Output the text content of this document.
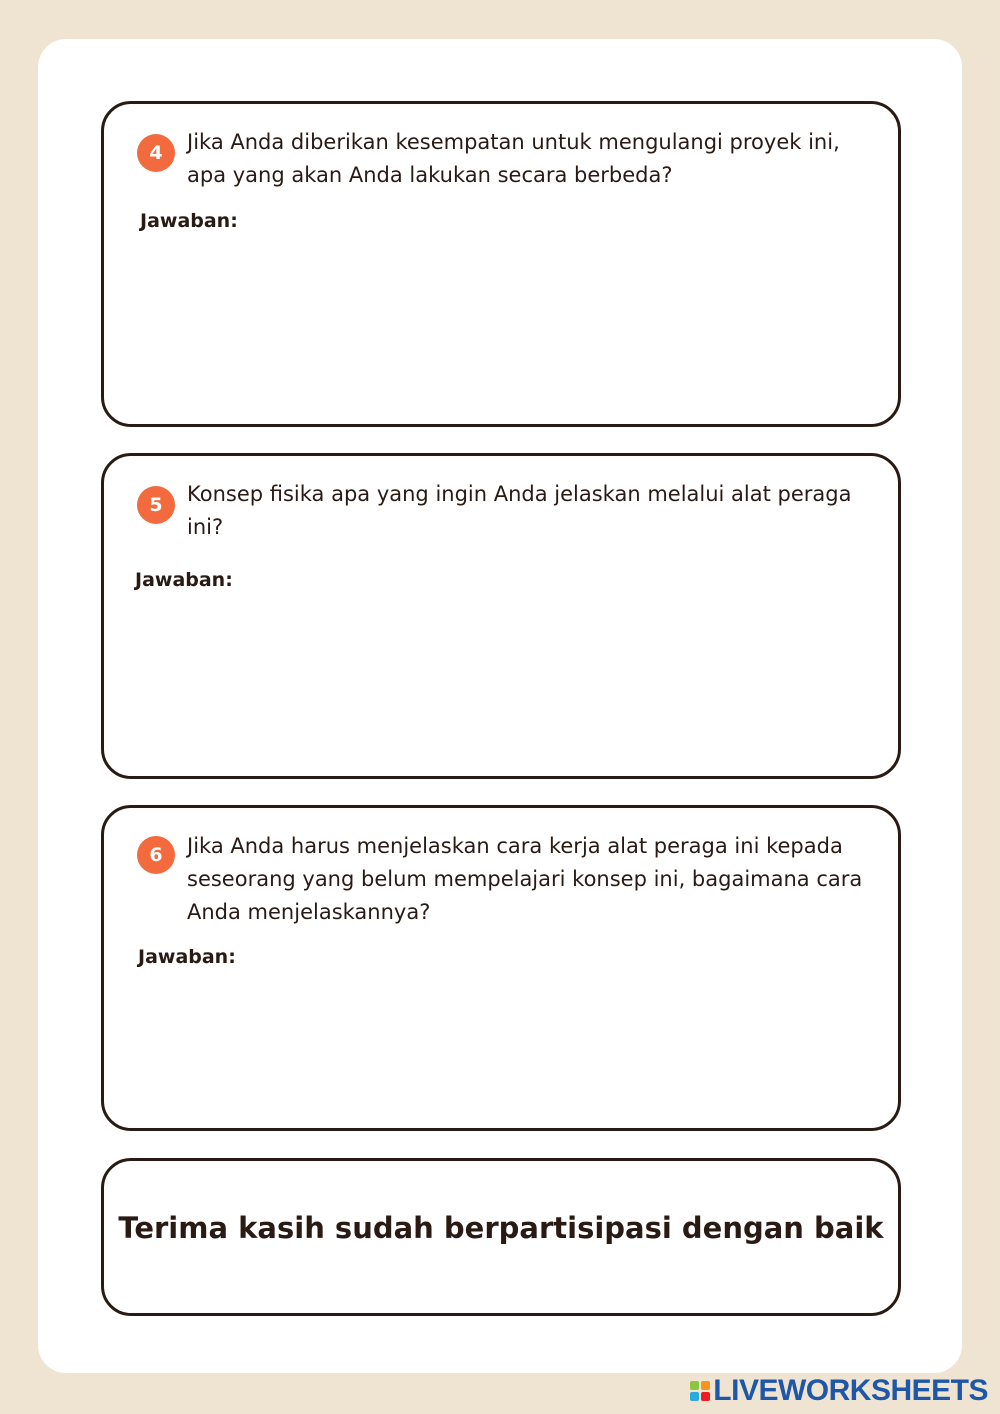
4	Jika Anda diberikan kesempatan untuk mengulangi proyek ini, apa yang akan Anda lakukan secara berbeda?
Jawaban:
5	Konsep fisika apa yang ingin Anda jelaskan melalui alat peraga ini?
Jawaban:
6	Jika Anda harus menjelaskan cara kerja alat peraga ini kepada seseorang yang belum mempelajari konsep ini, bagaimana cara Anda menjelaskannya?
Jawaban:
Terima kasih sudah berpartisipasi dengan baik
LIVEWORKSHEETS
